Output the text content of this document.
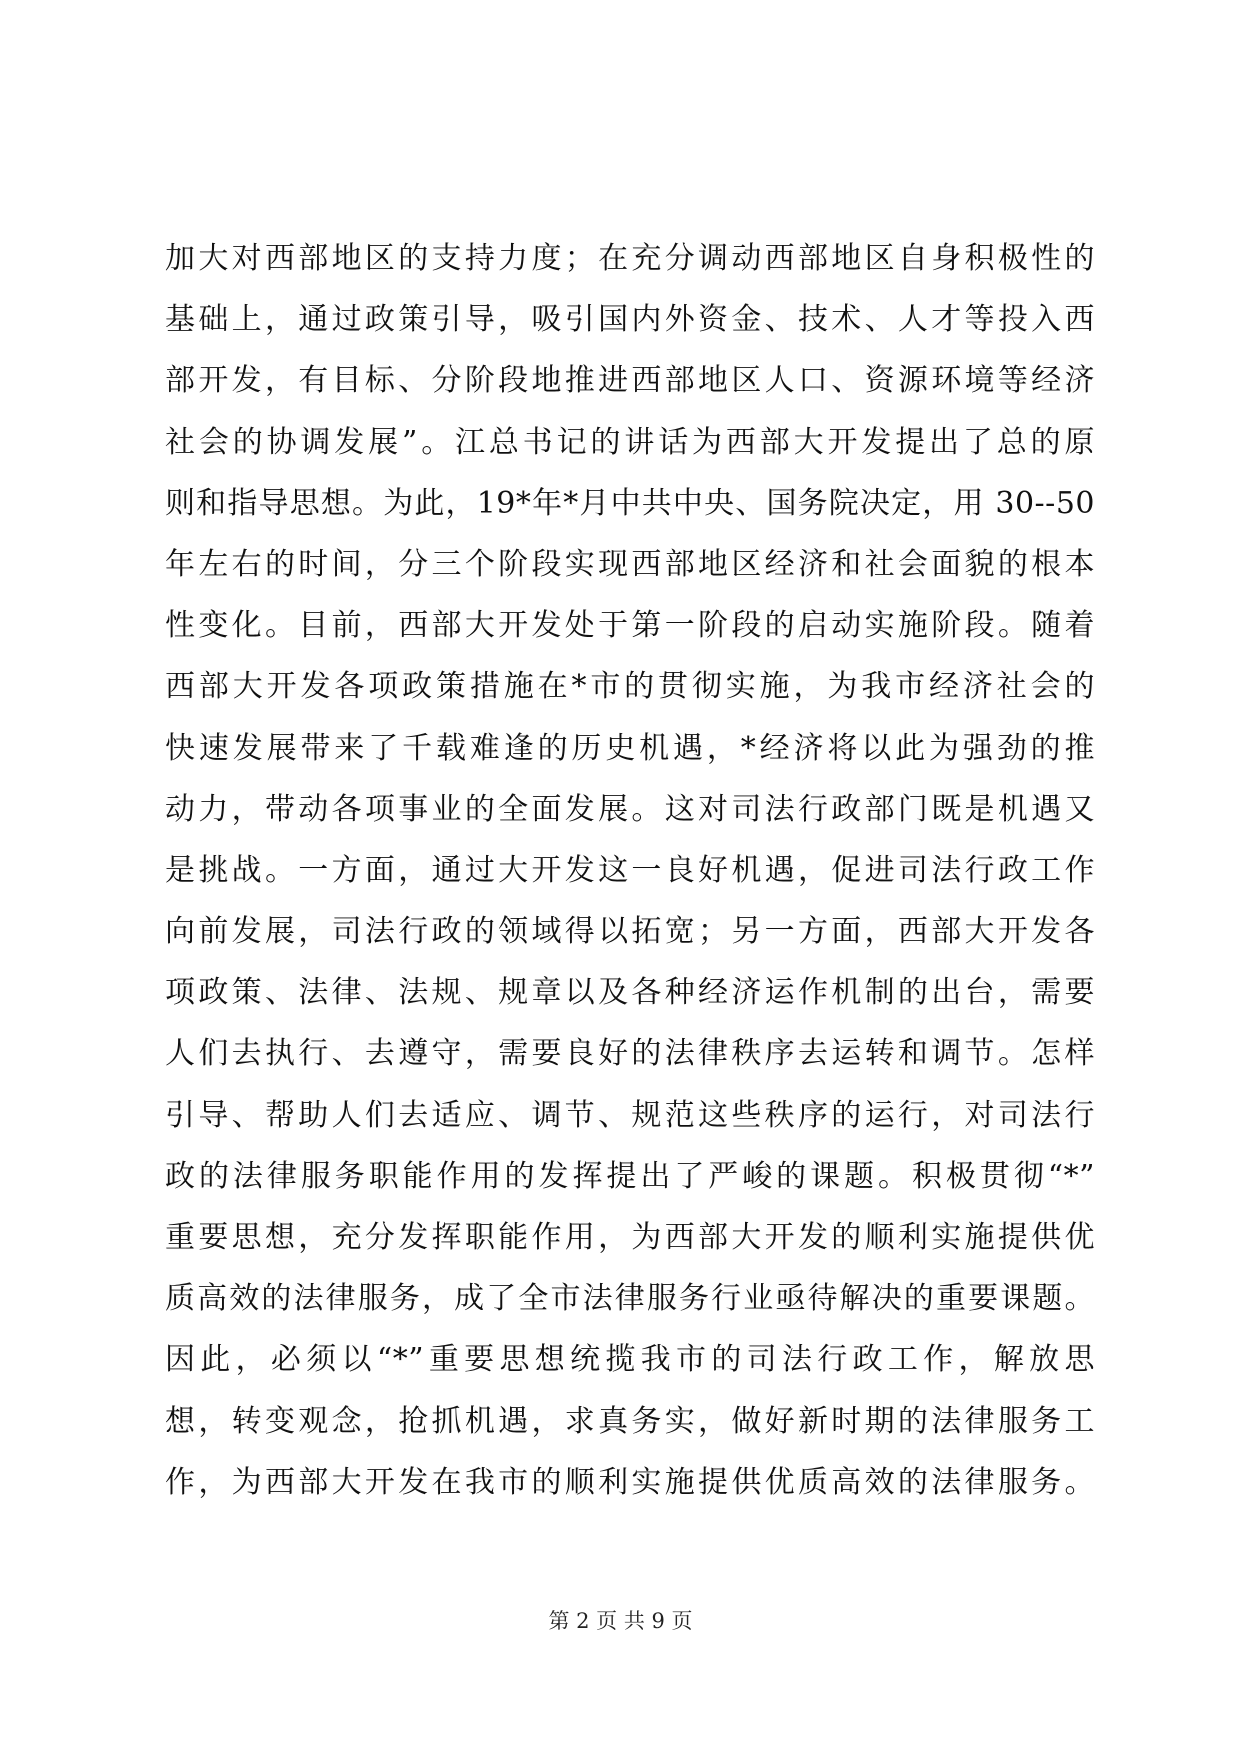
加大对西部地区的支持力度；在充分调动西部地区自身积极性的
基础上，通过政策引导，吸引国内外资金、技术、人才等投入西
部开发，有目标、分阶段地推进西部地区人口、资源环境等经济
社会的协调发展”。江总书记的讲话为西部大开发提出了总的原
则和指导思想。为此，19*年*月中共中央、国务院决定，用 30--50
年左右的时间，分三个阶段实现西部地区经济和社会面貌的根本
性变化。目前，西部大开发处于第一阶段的启动实施阶段。随着
西部大开发各项政策措施在*市的贯彻实施，为我市经济社会的
快速发展带来了千载难逢的历史机遇，*经济将以此为强劲的推
动力，带动各项事业的全面发展。这对司法行政部门既是机遇又
是挑战。一方面，通过大开发这一良好机遇，促进司法行政工作
向前发展，司法行政的领域得以拓宽；另一方面，西部大开发各
项政策、法律、法规、规章以及各种经济运作机制的出台，需要
人们去执行、去遵守，需要良好的法律秩序去运转和调节。怎样
引导、帮助人们去适应、调节、规范这些秩序的运行，对司法行
政的法律服务职能作用的发挥提出了严峻的课题。积极贯彻“*”
重要思想，充分发挥职能作用，为西部大开发的顺利实施提供优
质高效的法律服务，成了全市法律服务行业亟待解决的重要课题。
因此，必须以“*”重要思想统揽我市的司法行政工作，解放思
想，转变观念，抢抓机遇，求真务实，做好新时期的法律服务工
作，为西部大开发在我市的顺利实施提供优质高效的法律服务。
第 2 页 共 9 页
